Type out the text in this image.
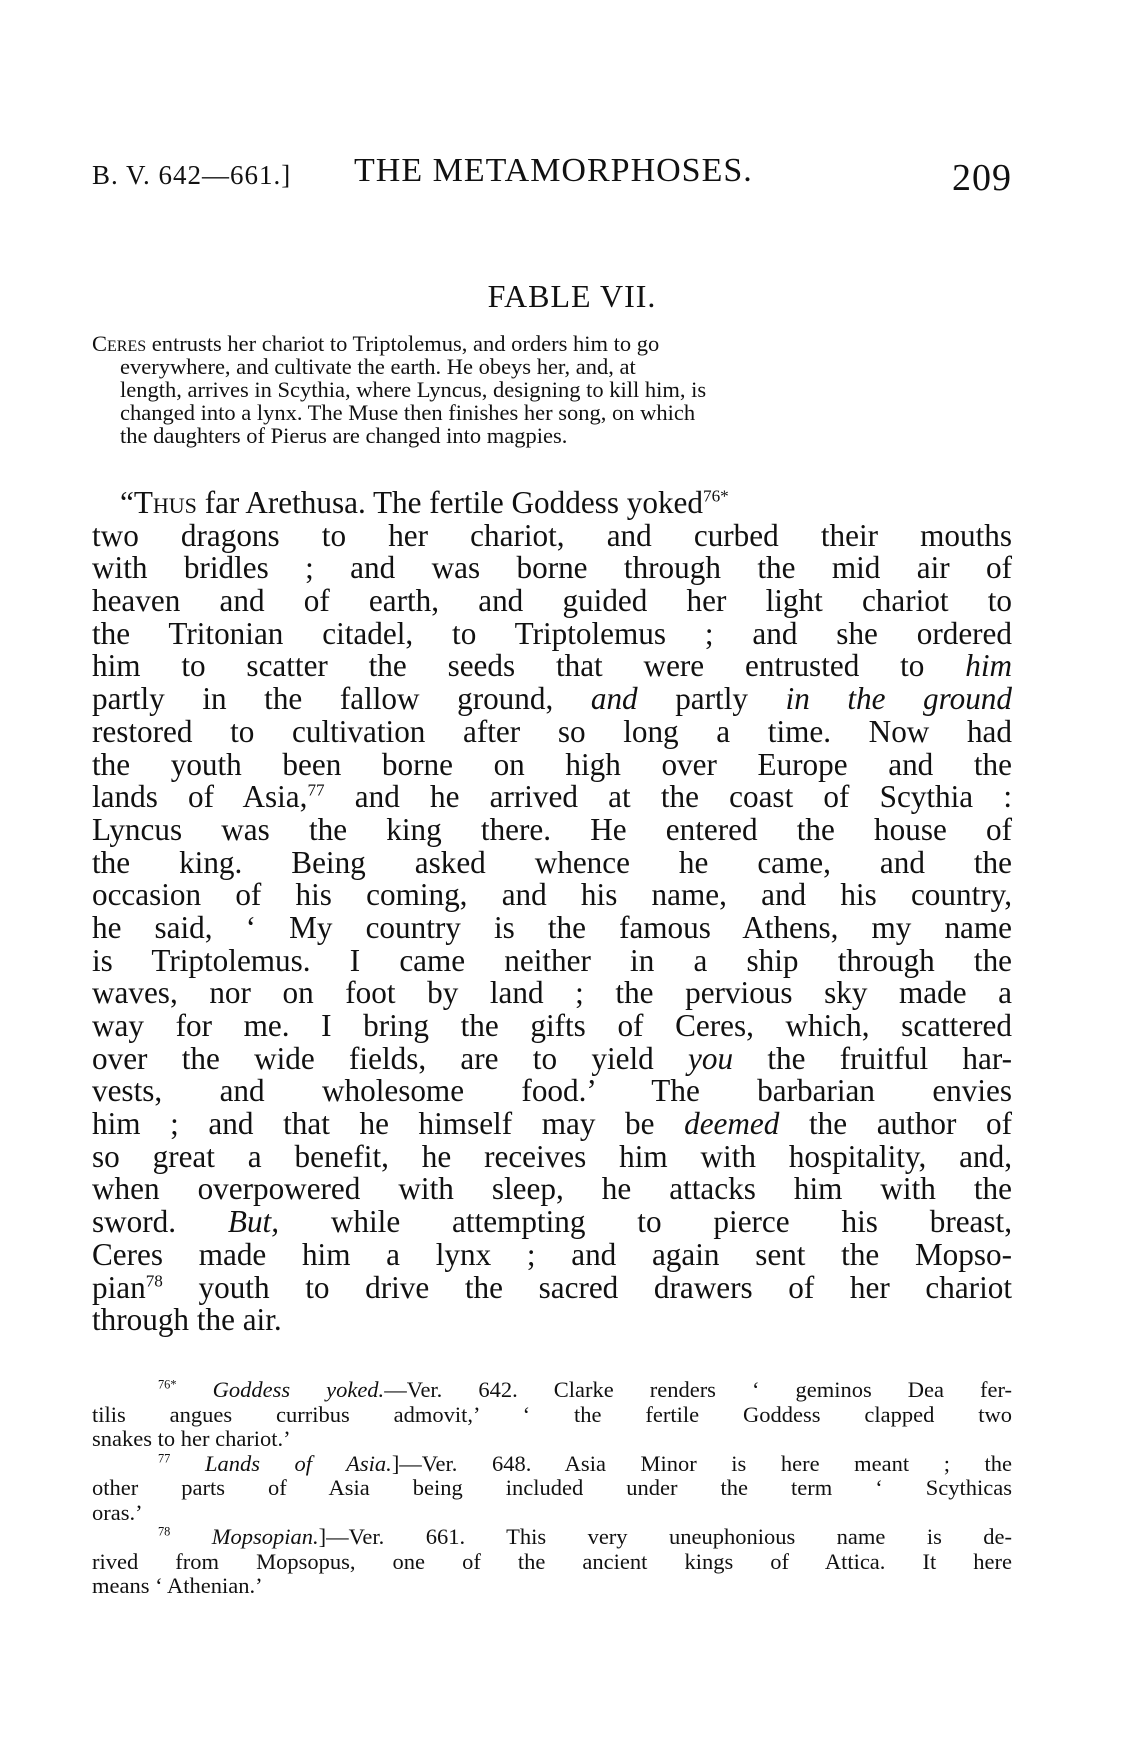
B. V. 642—661.] THE METAMORPHOSES.	209
FABLE VII.
Ceres entrusts her chariot to Triptolemus, and orders him to go
everywhere, and cultivate the earth. He obeys her, and, at
length, arrives in Scythia, where Lyncus, designing to kill him, is
changed into a lynx. The Muse then finishes her song, on which
the daughters of Pierus are changed into magpies.
“Thus far Arethusa. The fertile Goddess yoked$^{76*}$
two dragons to her chariot, and curbed their mouths
with bridles ; and was borne through the mid air of
heaven and of earth, and guided her light chariot to
the Tritonian citadel, to Triptolemus ; and she ordered
him to scatter the seeds that were entrusted to him
partly in the fallow ground, and partly in the ground
restored to cultivation after so long a time. Now had
the youth been borne on high over Europe and the
lands of Asia,$^{77}$ and he arrived at the coast of Scythia :
Lyncus was the king there. He entered the house of
the king. Being asked whence he came, and the
occasion of his coming, and his name, and his country,
he said, ‘ My country is the famous Athens, my name
is Triptolemus. I came neither in a ship through the
waves, nor on foot by land ; the pervious sky made a
way for me. I bring the gifts of Ceres, which, scattered
over the wide fields, are to yield you the fruitful har-
vests, and wholesome food.’ The barbarian envies
him ; and that he himself may be deemed the author of
so great a benefit, he receives him with hospitality, and,
when overpowered with sleep, he attacks him with the
sword. But, while attempting to pierce his breast,
Ceres made him a lynx ; and again sent the Mopso-
pian$^{78}$ youth to drive the sacred drawers of her chariot
through the air.
$^{76*}$ Goddess yoked.—Ver. 642. Clarke renders ‘ geminos Dea fer-
tilis angues curribus admovit,’ ‘ the fertile Goddess clapped two
snakes to her chariot.’
$^{77}$ Lands of Asia.]—Ver. 648. Asia Minor is here meant ; the
other parts of Asia being included under the term ‘ Scythicas
oras.’
$^{78}$ Mopsopian.]—Ver. 661. This very uneuphonious name is de-
rived from Mopsopus, one of the ancient kings of Attica. It here
means ‘ Athenian.’
